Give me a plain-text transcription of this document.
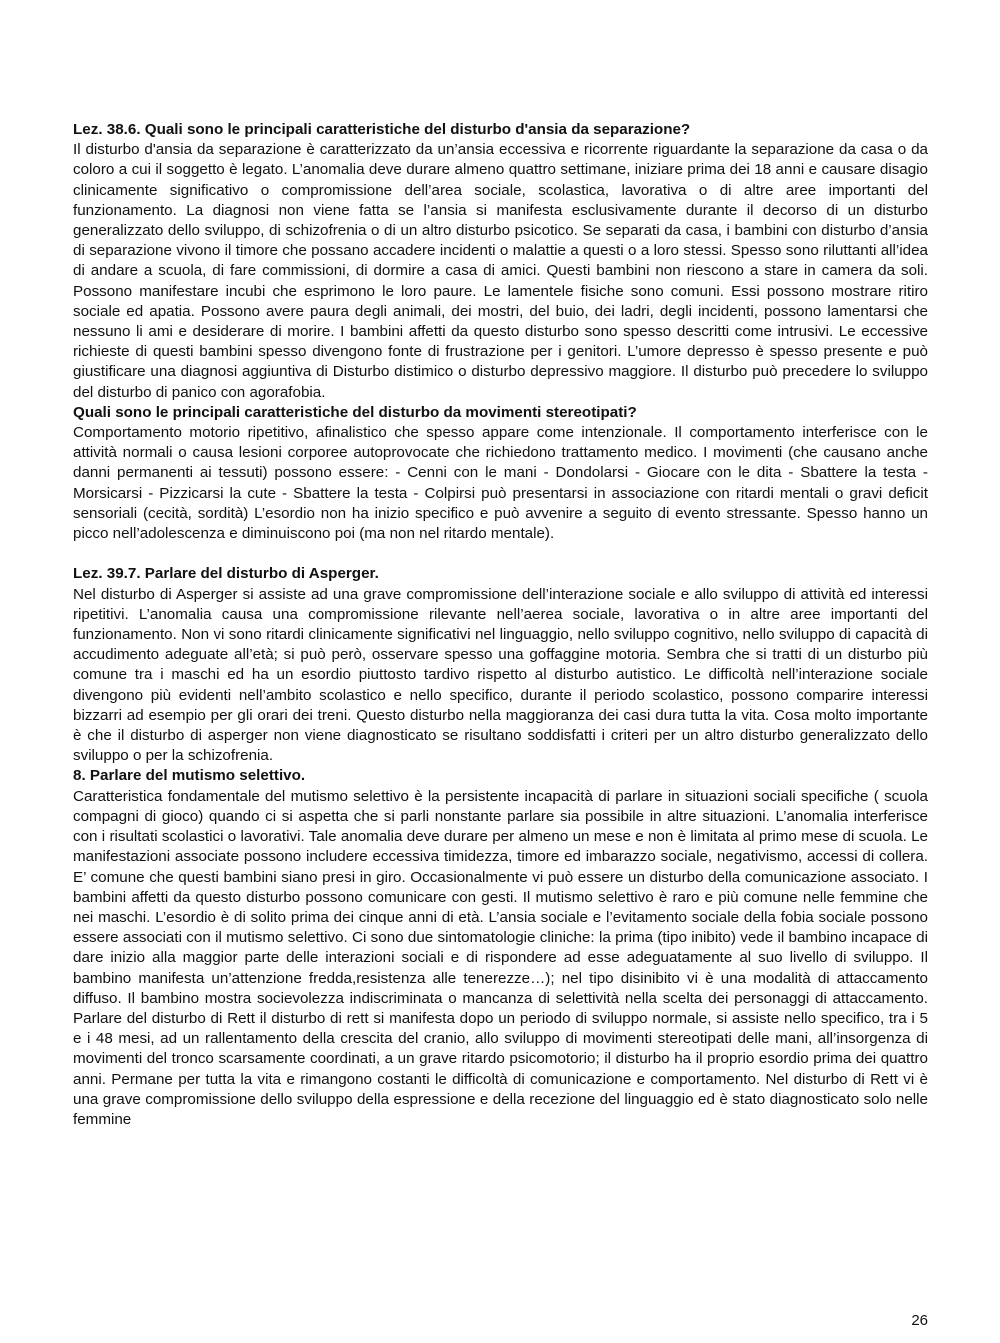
Lez. 38.6. Quali sono le principali caratteristiche del disturbo d'ansia da separazione?

Il disturbo d'ansia da separazione è caratterizzato da un’ansia eccessiva e ricorrente riguardante la separazione da casa o da coloro a cui il soggetto è legato. L’anomalia deve durare almeno quattro settimane, iniziare prima dei 18 anni e causare disagio clinicamente significativo o compromissione dell’area sociale, scolastica, lavorativa o di altre aree importanti del funzionamento. La diagnosi non viene fatta se l’ansia si manifesta esclusivamente durante il decorso di un disturbo generalizzato dello sviluppo, di schizofrenia o di un altro disturbo psicotico. Se separati da casa, i bambini con disturbo d’ansia di separazione vivono il timore che possano accadere incidenti o malattie a questi o a loro stessi. Spesso sono riluttanti all’idea di andare a scuola, di fare commissioni, di dormire a casa di amici. Questi bambini non riescono a stare in camera da soli. Possono manifestare incubi che esprimono le loro paure. Le lamentele fisiche sono comuni. Essi possono mostrare ritiro sociale ed apatia. Possono avere paura degli animali, dei mostri, del buio, dei ladri, degli incidenti, possono lamentarsi che nessuno li ami e desiderare di morire. I bambini affetti da questo disturbo sono spesso descritti come intrusivi. Le eccessive richieste di questi bambini spesso divengono fonte di frustrazione per i genitori. L’umore depresso è spesso presente e può giustificare una diagnosi aggiuntiva di Disturbo distimico o disturbo depressivo maggiore. Il disturbo può precedere lo sviluppo del disturbo di panico con agorafobia.

Quali sono le principali caratteristiche del disturbo da movimenti stereotipati?

Comportamento motorio ripetitivo, afinalistico che spesso appare come intenzionale. Il comportamento interferisce con le attività normali o causa lesioni corporee autoprovocate che richiedono trattamento medico. I movimenti (che causano anche danni permanenti ai tessuti) possono essere: - Cenni con le mani - Dondolarsi - Giocare con le dita - Sbattere la testa - Morsicarsi - Pizzicarsi la cute - Sbattere la testa - Colpirsi può presentarsi in associazione con ritardi mentali o gravi deficit sensoriali (cecità, sordità) L’esordio non ha inizio specifico e può avvenire a seguito di evento stressante. Spesso hanno un picco nell’adolescenza e diminuiscono poi (ma non nel ritardo mentale).

Lez. 39.7. Parlare del disturbo di Asperger.

Nel disturbo di Asperger si assiste ad una grave compromissione dell’interazione sociale e allo sviluppo di attività ed interessi ripetitivi. L’anomalia causa una compromissione rilevante nell’aerea sociale, lavorativa o in altre aree importanti del funzionamento. Non vi sono ritardi clinicamente significativi nel linguaggio, nello sviluppo cognitivo, nello sviluppo di capacità di accudimento adeguate all’età; si può però, osservare spesso una goffaggine motoria. Sembra che si tratti di un disturbo più comune tra i maschi ed ha un esordio piuttosto tardivo rispetto al disturbo autistico. Le difficoltà nell’interazione sociale divengono più evidenti nell’ambito scolastico e nello specifico, durante il periodo scolastico, possono comparire interessi bizzarri ad esempio per gli orari dei treni. Questo disturbo nella maggioranza dei casi dura tutta la vita. Cosa molto importante è che il disturbo di asperger non viene diagnosticato se risultano soddisfatti i criteri per un altro disturbo generalizzato dello sviluppo o per la schizofrenia.

8. Parlare del mutismo selettivo.

Caratteristica fondamentale del mutismo selettivo è la persistente incapacità di parlare in situazioni sociali specifiche ( scuola compagni di gioco) quando ci si aspetta che si parli nonstante parlare sia possibile in altre situazioni. L’anomalia interferisce con i risultati scolastici o lavorativi. Tale anomalia deve durare per almeno un mese e non è limitata al primo mese di scuola. Le manifestazioni associate possono includere eccessiva timidezza, timore ed imbarazzo sociale, negativismo, accessi di collera. E’ comune che questi bambini siano presi in giro. Occasionalmente vi può essere un disturbo della comunicazione associato. I bambini affetti da questo disturbo possono comunicare con gesti. Il mutismo selettivo è raro e più comune nelle femmine che nei maschi. L’esordio è di solito prima dei cinque anni di età. L’ansia sociale e l’evitamento sociale della fobia sociale possono essere associati con il mutismo selettivo. Ci sono due sintomatologie cliniche: la prima (tipo inibito) vede il bambino incapace di dare inizio alla maggior parte delle interazioni sociali e di rispondere ad esse adeguatamente al suo livello di sviluppo. Il bambino manifesta un’attenzione fredda,resistenza alle tenerezze…); nel tipo disinibito vi è una modalità di attaccamento diffuso. Il bambino mostra socievolezza indiscriminata o mancanza di selettività nella scelta dei personaggi di attaccamento. Parlare del disturbo di Rett il disturbo di rett si manifesta dopo un periodo di sviluppo normale, si assiste nello specifico, tra i 5 e i 48 mesi, ad un rallentamento della crescita del cranio, allo sviluppo di movimenti stereotipati delle mani, all’insorgenza di movimenti del tronco scarsamente coordinati, a un grave ritardo psicomotorio; il disturbo ha il proprio esordio prima dei quattro anni. Permane per tutta la vita e rimangono costanti le difficoltà di comunicazione e comportamento. Nel disturbo di Rett vi è una grave compromissione dello sviluppo della espressione e della recezione del linguaggio ed è stato diagnosticato solo nelle femmine

26
